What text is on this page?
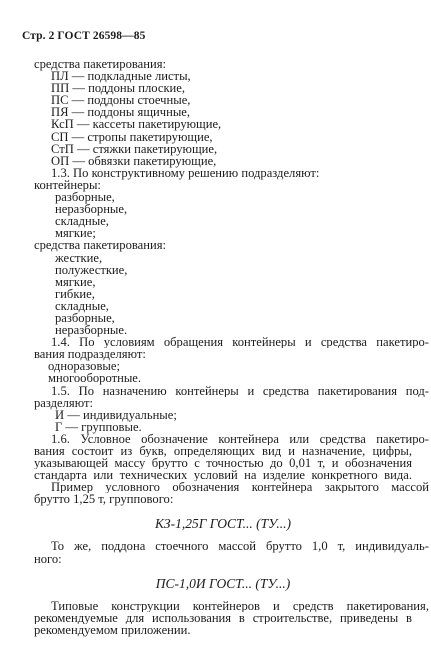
Стр. 2 ГОСТ 26598—85
средства пакетирования:
ПЛ — подкладные листы,
ПП — поддоны плоские,
ПС — поддоны стоечные,
ПЯ — поддоны ящичные,
КсП — кассеты пакетирующие,
СП — стропы пакетирующие,
СтП — стяжки пакетирующие,
ОП — обвязки пакетирующие,
1.3. По конструктивному решению подразделяют:
контейнеры:
разборные,
неразборные,
складные,
мягкие;
средства пакетирования:
жесткие,
полужесткие,
мягкие,
гибкие,
складные,
разборные,
неразборные.
1.4. По условиям обращения контейнеры и средства пакетиро-
вания подразделяют:
одноразовые;
многооборотные.
1.5. По назначению контейнеры и средства пакетирования под-
разделяют:
И — индивидуальные;
Г — групповые.
1.6. Условное обозначение контейнера или средства пакетиро-
вания состоит из букв, определяющих вид и назначение, цифры,
указывающей массу брутто с точностью до 0,01 т, и обозначения
стандарта или технических условий на изделие конкретного вида.
Пример условного обозначения контейнера закрытого массой
брутто 1,25 т, группового:
КЗ-1,25Г ГОСТ... (ТУ...)
То же, поддона стоечного массой брутто 1,0 т, индивидуаль-
ного:
ПС-1,0И ГОСТ... (ТУ...)
Типовые конструкции контейнеров и средств пакетирования,
рекомендуемые для использования в строительстве, приведены в
рекомендуемом приложении.
